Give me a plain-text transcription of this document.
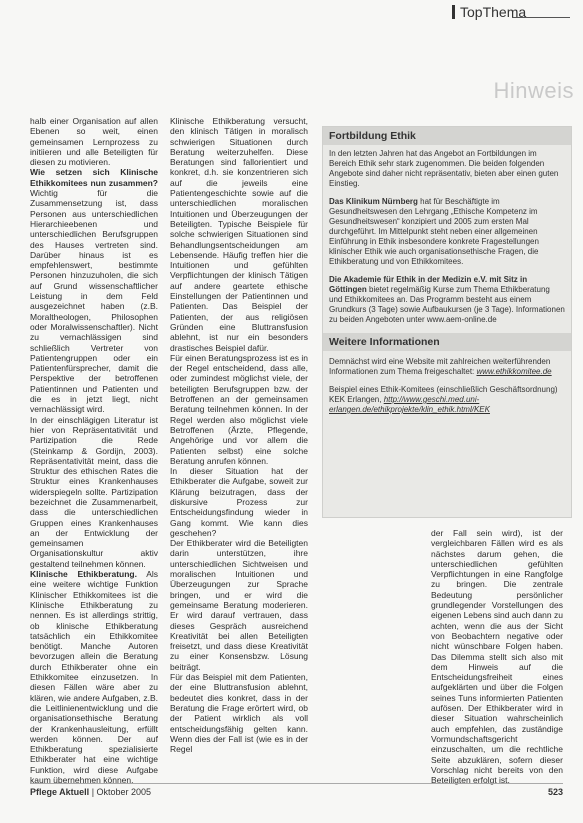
TopThema
Hinweis

halb einer Organisation auf allen Ebenen so weit, einen gemeinsamen Lernprozess zu initiieren und alle Beteiligten für diesen zu motivieren.

Wie setzen sich Klinische Ethikkomitees nun zusammen? Wichtig für die Zusammensetzung ist, dass Personen aus unterschiedlichen Hierarchieebenen und unterschiedlichen Berufsgruppen des Hauses vertreten sind. Darüber hinaus ist es empfehlenswert, bestimmte Personen hinzuzuholen, die sich auf Grund wissenschaftlicher Leistung in dem Feld ausgezeichnet haben (z.B. Moraltheologen, Philosophen oder Moralwissenschaftler). Nicht zu vernachlässigen sind schließlich Vertreter von Patientengruppen oder ein Patientenfürsprecher, damit die Perspektive der betroffenen Patientinnen und Patienten und die es in jetzt liegt, nicht vernachlässigt wird.

In der einschlägigen Literatur ist hier von Repräsentativität und Partizipation die Rede (Steinkamp & Gordijn, 2003). Repräsentativität meint, dass die Struktur des ethischen Rates die Struktur eines Krankenhauses widerspiegeln sollte. Partizipation bezeichnet die Zusammenarbeit, dass die unterschiedlichen Gruppen eines Krankenhauses an der Entwicklung der gemeinsamen Organisationskultur aktiv gestaltend teilnehmen können.

Klinische Ethikberatung. Als eine weitere wichtige Funktion Klinischer Ethikkomitees ist die Klinische Ethikberatung zu nennen. Es ist allerdings strittig, ob klinische Ethikberatung tatsächlich ein Ethikkomitee benötigt. Manche Autoren bevorzugen allein die Beratung durch Ethikberater ohne ein Ethikkomitee einzusetzen. In diesen Fällen wäre aber zu klären, wie andere Aufgaben, z.B. die Leitlinienentwicklung und die organisationsethische Beratung der Krankenhausleitung, erfüllt werden können. Der auf Ethikberatung spezialisierte Ethikberater hat eine wichtige Funktion, wird diese Aufgabe kaum übernehmen können.

Klinische Ethikberatung versucht, den klinisch Tätigen in moralisch schwierigen Situationen durch Beratung weiterzuhelfen. Diese Beratungen sind fallorientiert und konkret, d.h. sie konzentrieren sich auf die jeweils eine Patientengeschichte sowie auf die unterschiedlichen moralischen Intuitionen und Überzeugungen der Beteiligten. Typische Beispiele für solche schwierigen Situationen sind Behandlungsentscheidungen am Lebensende. Häufig treffen hier die Intuitionen und gefühlten Verpflichtungen der klinisch Tätigen auf andere geartete ethische Einstellungen der Patientinnen und Patienten. Das Beispiel der Patienten, der aus religiösen Gründen eine Bluttransfusion ablehnt, ist nur ein besonders drastisches Beispiel dafür.

Für einen Beratungsprozess ist es in der Regel entscheidend, dass alle, oder zumindest möglichst viele, der beteiligten Berufsgruppen bzw. der Betroffenen an der gemeinsamen Beratung teilnehmen können. In der Regel werden also möglichst viele Betroffenen (Ärzte, Pflegende, Angehörige und vor allem die Patienten selbst) eine solche Beratung anrufen können.

In dieser Situation hat der Ethikberater die Aufgabe, soweit zur Klärung beizutragen, dass der diskursive Prozess zur Entscheidungsfindung wieder in Gang kommt. Wie kann dies geschehen?

Der Ethikberater wird die Beteiligten darin unterstützen, ihre unterschiedlichen Sichtweisen und moralischen Intuitionen und Überzeugungen zur Sprache bringen, und er wird die gemeinsame Beratung moderieren. Er wird darauf vertrauen, dass dieses Gespräch ausreichend Kreativität bei allen Beteiligten freisetzt, und dass diese Kreativität zu einer Konsensbzw. Lösung beiträgt.

Für das Beispiel mit dem Patienten, der eine Bluttransfusion ablehnt, bedeutet dies konkret, dass in der Beratung die Frage erörtert wird, ob der Patient wirklich als voll entscheidungsfähig gelten kann. Wenn dies der Fall ist (wie es in der Regel

Fortbildung Ethik

In den letzten Jahren hat das Angebot an Fortbildungen im Bereich Ethik sehr stark zugenommen. Die beiden folgenden Angebote sind daher nicht repräsentativ, bieten aber einen guten Einstieg.

Das Klinikum Nürnberg hat für Beschäftigte im Gesundheitswesen den Lehrgang „Ethische Kompetenz im Gesundheitswesen“ konzipiert und 2005 zum ersten Mal durchgeführt. Im Mittelpunkt steht neben einer allgemeinen Einführung in Ethik insbesondere konkrete Fragestellungen klinischer Ethik wie auch organisationsethische Fragen, die Ethikberatung und von Ethikkomitees.

Die Akademie für Ethik in der Medizin e.V. mit Sitz in Göttingen bietet regelmäßig Kurse zum Thema Ethikberatung und Ethikkomitees an. Das Programm besteht aus einem Grundkurs (3 Tage) sowie Aufbaukursen (je 3 Tage). Informationen zu beiden Angeboten unter www.aem-online.de

Weitere Informationen

Demnächst wird eine Website mit zahlreichen weiterführenden Informationen zum Thema freigeschaltet: www.ethikkomitee.de

Beispiel eines Ethik-Komitees (einschließlich Geschäftsordnung) KEK Erlangen, http://www.geschi.med.uni-erlangen.de/ethikprojekte/klin_ethik.html/KEK

der Fall sein wird), ist der vergleichbaren Fällen wird es als nächstes darum gehen, die unterschiedlichen gefühlten Verpflichtungen in eine Rangfolge zu bringen. Die zentrale Bedeutung persönlicher grundlegender Vorstellungen des eigenen Lebens sind auch dann zu achten, wenn die aus der Sicht von Beobachtern negative oder nicht wünschbare Folgen haben. Das Dilemma stellt sich also mit dem Hinweis auf die Entscheidungsfreiheit eines aufgeklärten und über die Folgen seines Tuns informierten Patienten aufösen. Der Ethikberater wird in dieser Situation wahrscheinlich auch empfehlen, das zuständige Vormundschaftsgericht einzuschalten, um die rechtliche Seite abzuklären, sofern dieser Vorschlag nicht bereits von den Beteiligten erfolgt ist.

Pflege Aktuell | Oktober 2005	523
